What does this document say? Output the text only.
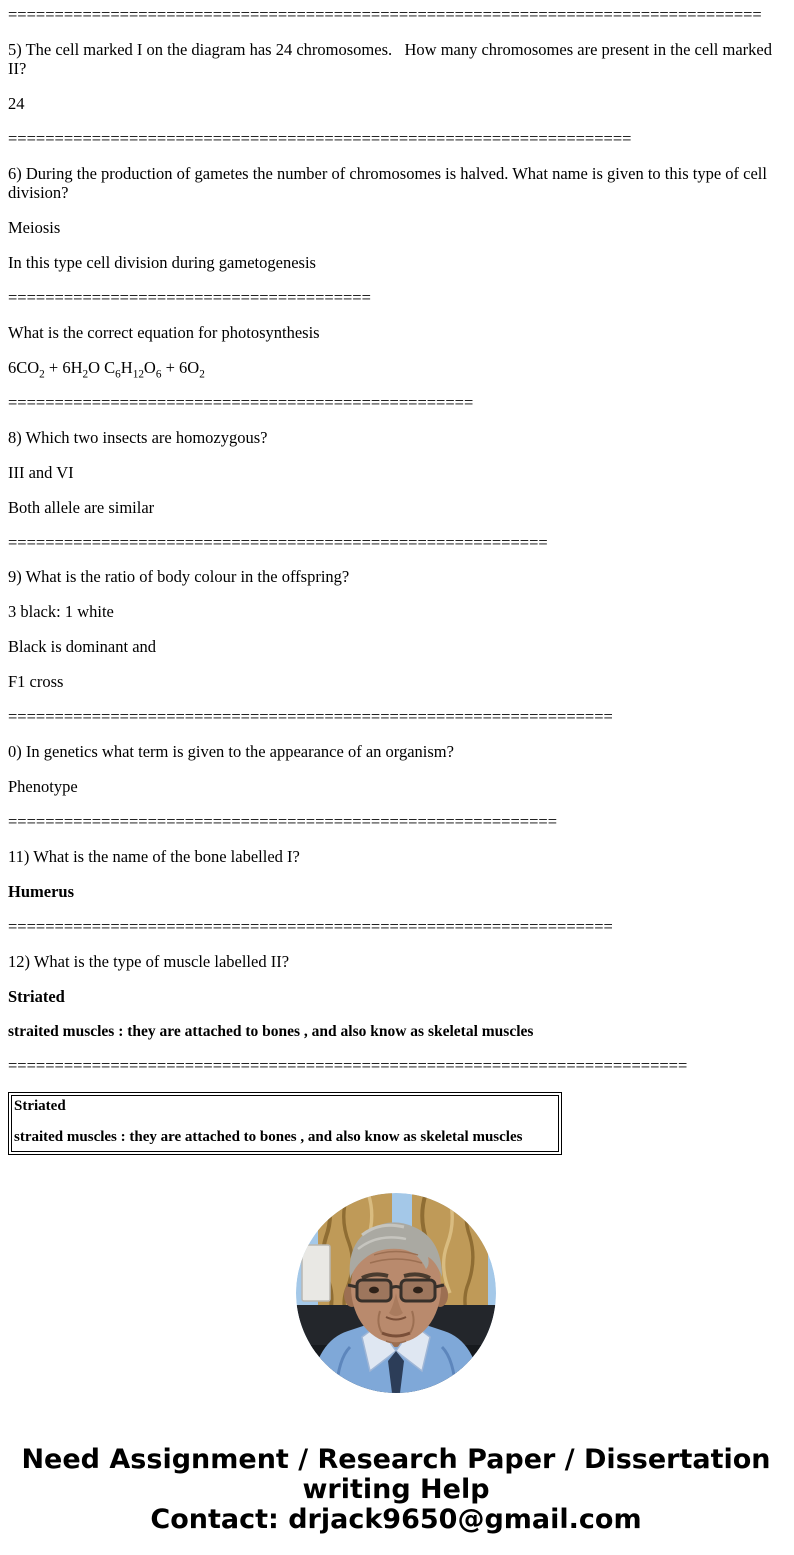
=================================================================================

5) The cell marked I on the diagram has 24 chromosomes.   How many chromosomes are present in the cell marked II?

24

===================================================================

6) During the production of gametes the number of chromosomes is halved. What name is given to this type of cell division?

Meiosis

In this type cell division during gametogenesis

=======================================

What is the correct equation for photosynthesis

$6CO_2 + 6H_2O$ $C_6H_{12}O_6 + 6O_2$

==================================================

8) Which two insects are homozygous?

III and VI

Both allele are similar

==========================================================

9) What is the ratio of body colour in the offspring?

3 black: 1 white

Black is dominant and

F1 cross

=================================================================

0) In genetics what term is given to the appearance of an organism?

Phenotype

===========================================================

11) What is the name of the bone labelled I?

Humerus

=================================================================

12) What is the type of muscle labelled II?

Striated

straited muscles : they are attached to bones , and also know as skeletal muscles

=========================================================================

Striated

straited muscles : they are attached to bones , and also know as skeletal muscles

Need Assignment / Research Paper / Dissertation
writing Help
Contact: drjack9650@gmail.com
